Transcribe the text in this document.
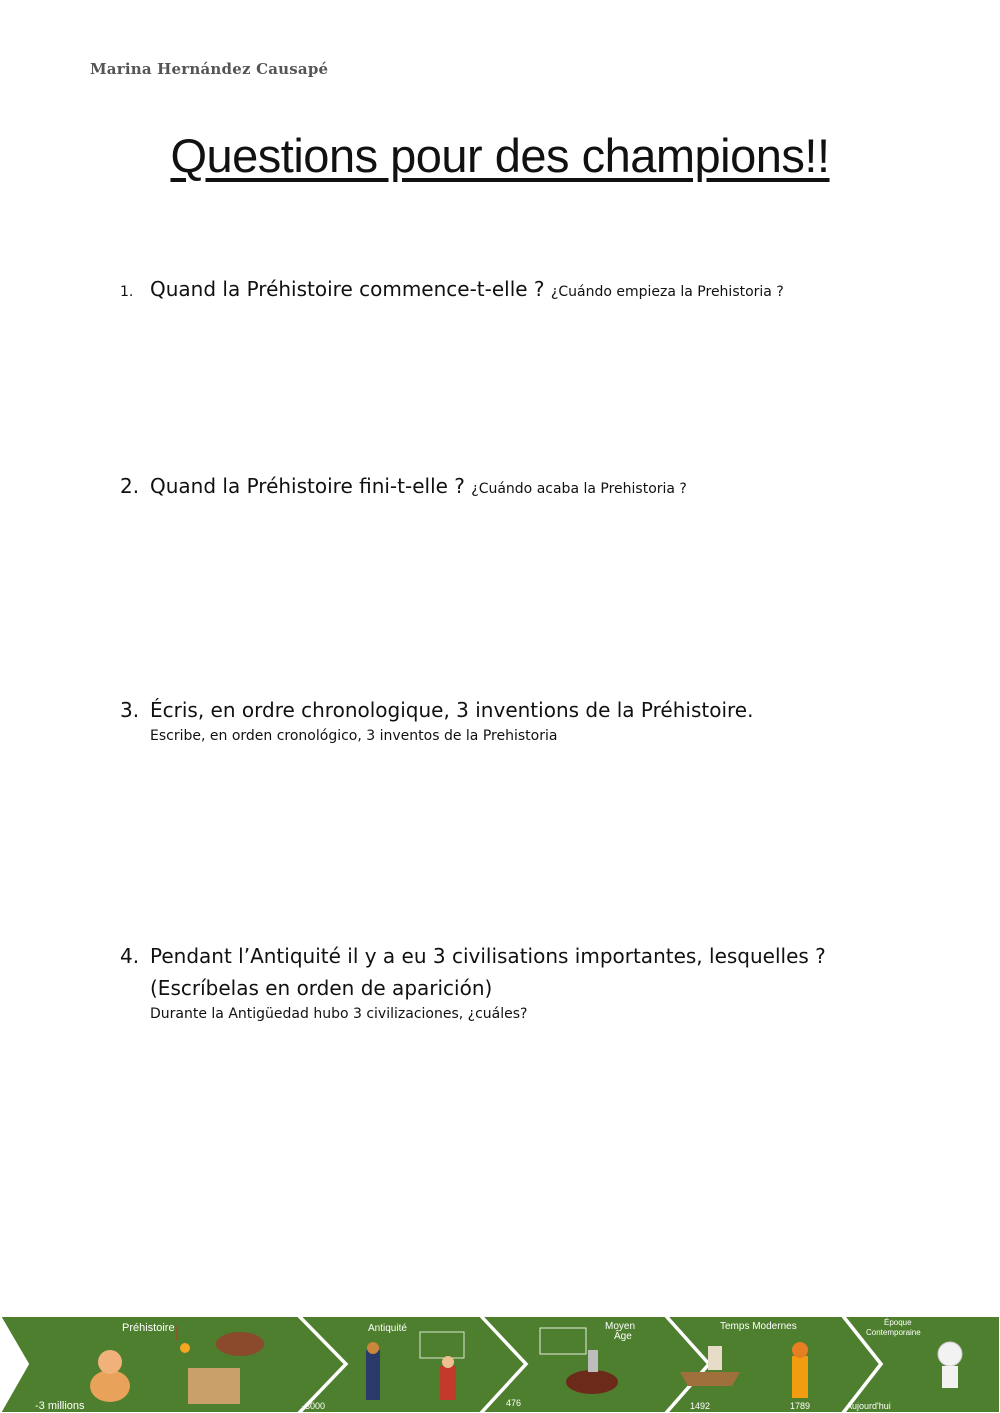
Marina Hernández Causapé
Questions pour des champions!!
1. Quand la Préhistoire commence-t-elle ? ¿Cuándo empieza la Prehistoria ?
2. Quand la Préhistoire fini-t-elle ? ¿Cuándo acaba la Prehistoria ?
3. Écris, en ordre chronologique, 3 inventions de la Préhistoire.
Escribe, en orden cronológico, 3 inventos de la Prehistoria
4. Pendant l’Antiquité il y a eu 3 civilisations importantes, lesquelles ?
(Escríbelas en orden de aparición)
Durante la Antigüedad hubo 3 civilizaciones, ¿cuáles?
Préhistoire
-3 millions
Antiquité
-3000
Moyen
Âge
476
Temps Modernes
1492
Époque
Contemporaine
1789	Aujourd'hui
